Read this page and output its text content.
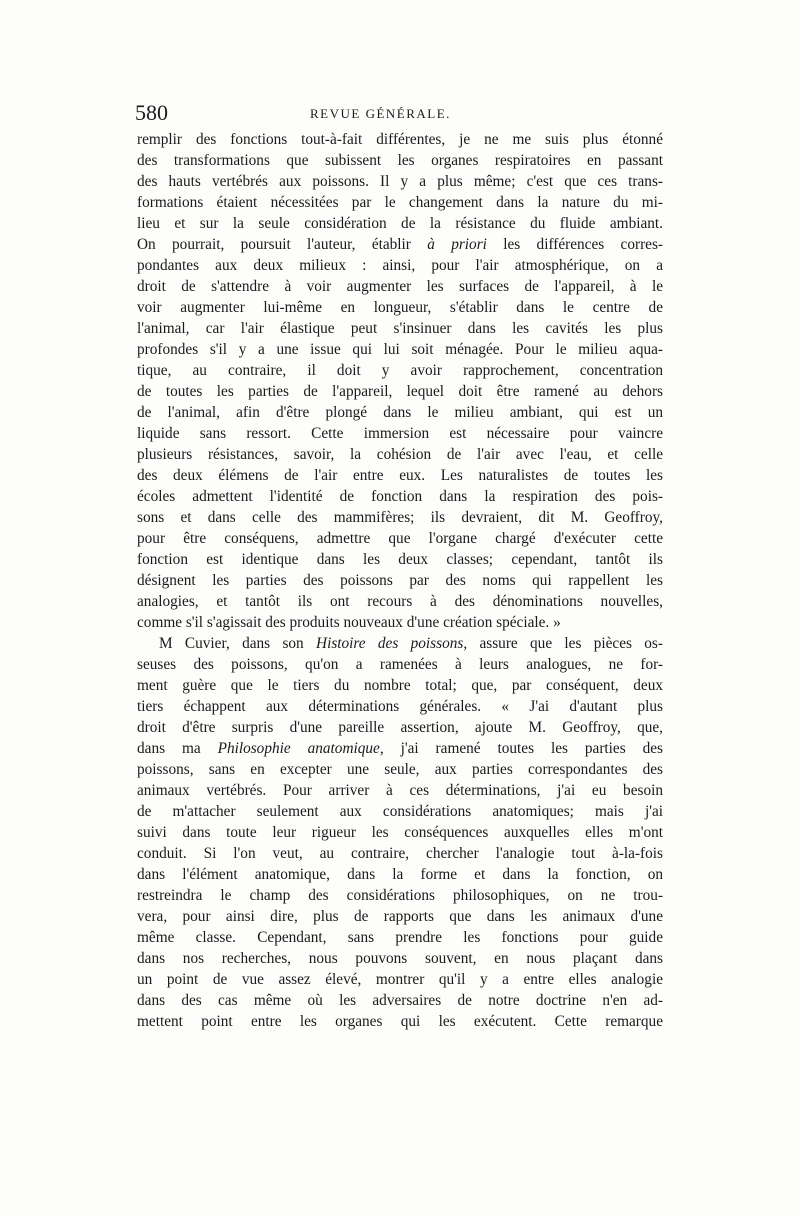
580	REVUE GÉNÉRALE.
remplir des fonctions tout-à-fait différentes, je ne me suis plus étonné
des transformations que subissent les organes respiratoires en passant
des hauts vertébrés aux poissons. Il y a plus même; c'est que ces trans-
formations étaient nécessitées par le changement dans la nature du mi-
lieu et sur la seule considération de la résistance du fluide ambiant.
On pourrait, poursuit l'auteur, établir à priori les différences corres-
pondantes aux deux milieux : ainsi, pour l'air atmosphérique, on a
droit de s'attendre à voir augmenter les surfaces de l'appareil, à le
voir augmenter lui-même en longueur, s'établir dans le centre de
l'animal, car l'air élastique peut s'insinuer dans les cavités les plus
profondes s'il y a une issue qui lui soit ménagée. Pour le milieu aqua-
tique, au contraire, il doit y avoir rapprochement, concentration
de toutes les parties de l'appareil, lequel doit être ramené au dehors
de l'animal, afin d'être plongé dans le milieu ambiant, qui est un
liquide sans ressort. Cette immersion est nécessaire pour vaincre
plusieurs résistances, savoir, la cohésion de l'air avec l'eau, et celle
des deux élémens de l'air entre eux. Les naturalistes de toutes les
écoles admettent l'identité de fonction dans la respiration des pois-
sons et dans celle des mammifères; ils devraient, dit M. Geoffroy,
pour être conséquens, admettre que l'organe chargé d'exécuter cette
fonction est identique dans les deux classes; cependant, tantôt ils
désignent les parties des poissons par des noms qui rappellent les
analogies, et tantôt ils ont recours à des dénominations nouvelles,
comme s'il s'agissait des produits nouveaux d'une création spéciale. »
M Cuvier, dans son Histoire des poissons, assure que les pièces os-
seuses des poissons, qu'on a ramenées à leurs analogues, ne for-
ment guère que le tiers du nombre total; que, par conséquent, deux
tiers échappent aux déterminations générales. « J'ai d'autant plus
droit d'être surpris d'une pareille assertion, ajoute M. Geoffroy, que,
dans ma Philosophie anatomique, j'ai ramené toutes les parties des
poissons, sans en excepter une seule, aux parties correspondantes des
animaux vertébrés. Pour arriver à ces déterminations, j'ai eu besoin
de m'attacher seulement aux considérations anatomiques; mais j'ai
suivi dans toute leur rigueur les conséquences auxquelles elles m'ont
conduit. Si l'on veut, au contraire, chercher l'analogie tout à-la-fois
dans l'élément anatomique, dans la forme et dans la fonction, on
restreindra le champ des considérations philosophiques, on ne trou-
vera, pour ainsi dire, plus de rapports que dans les animaux d'une
même classe. Cependant, sans prendre les fonctions pour guide
dans nos recherches, nous pouvons souvent, en nous plaçant dans
un point de vue assez élevé, montrer qu'il y a entre elles analogie
dans des cas même où les adversaires de notre doctrine n'en ad-
mettent point entre les organes qui les exécutent. Cette remarque
